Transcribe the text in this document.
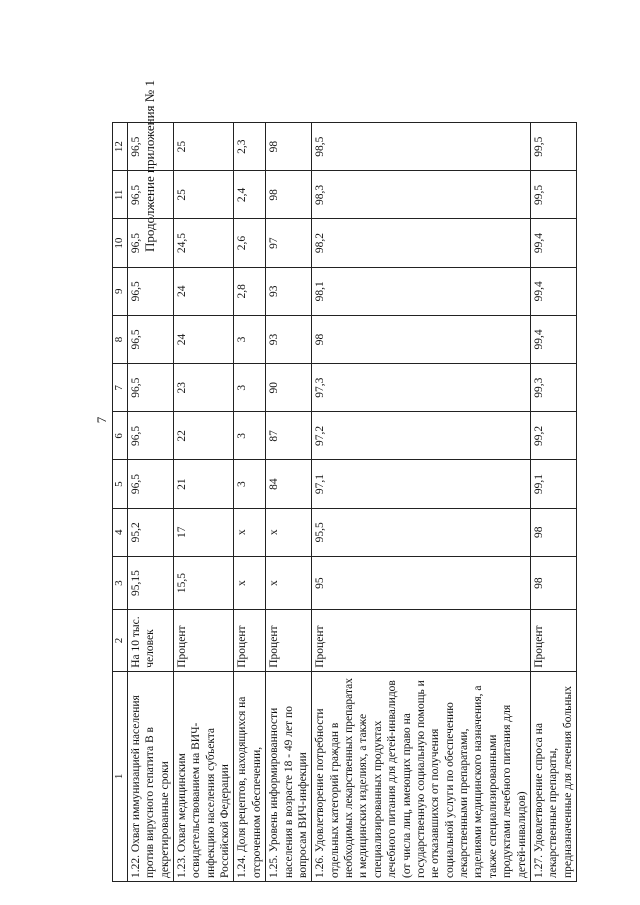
7
Продолжение приложения № 1
1	2	3	4	5	6	7	8	9	10	11	12
1.22. Охват иммунизацией населения против вирусного гепатита В в декретированные сроки	На 10 тыс. человек	95,15	95,2	96,5	96,5	96,5	96,5	96,5	96,5	96,5	96,5
1.23. Охват медицинским освидетельствованием на ВИЧ-инфекцию населения субъекта Российской Федерации	Процент	15,5	17	21	22	23	24	24	24,5	25	25
1.24. Доля рецептов, находящихся на отсроченном обеспечении,	Процент	x	x	3	3	3	3	2,8	2,6	2,4	2,3
1.25. Уровень информированности населения в возрасте 18 - 49 лет по вопросам ВИЧ-инфекции	Процент	x	x	84	87	90	93	93	97	98	98
1.26. Удовлетворение потребности отдельных категорий граждан в необходимых лекарственных препаратах и медицинских изделиях, а также специализированных продуктах лечебного питания для детей-инвалидов (от числа лиц, имеющих право на государственную социальную помощь и не отказавшихся от получения социальной услуги по обеспечению лекарственными препаратами, изделиями медицинского назначения, а также специализированными продуктами лечебного питания для детей-инвалидов)	Процент	95	95,5	97,1	97,2	97,3	98	98,1	98,2	98,3	98,5
1.27. Удовлетворение спроса на лекарственные препараты, предназначенные для лечения больных	Процент	98	98	99,1	99,2	99,3	99,4	99,4	99,4	99,5	99,5
